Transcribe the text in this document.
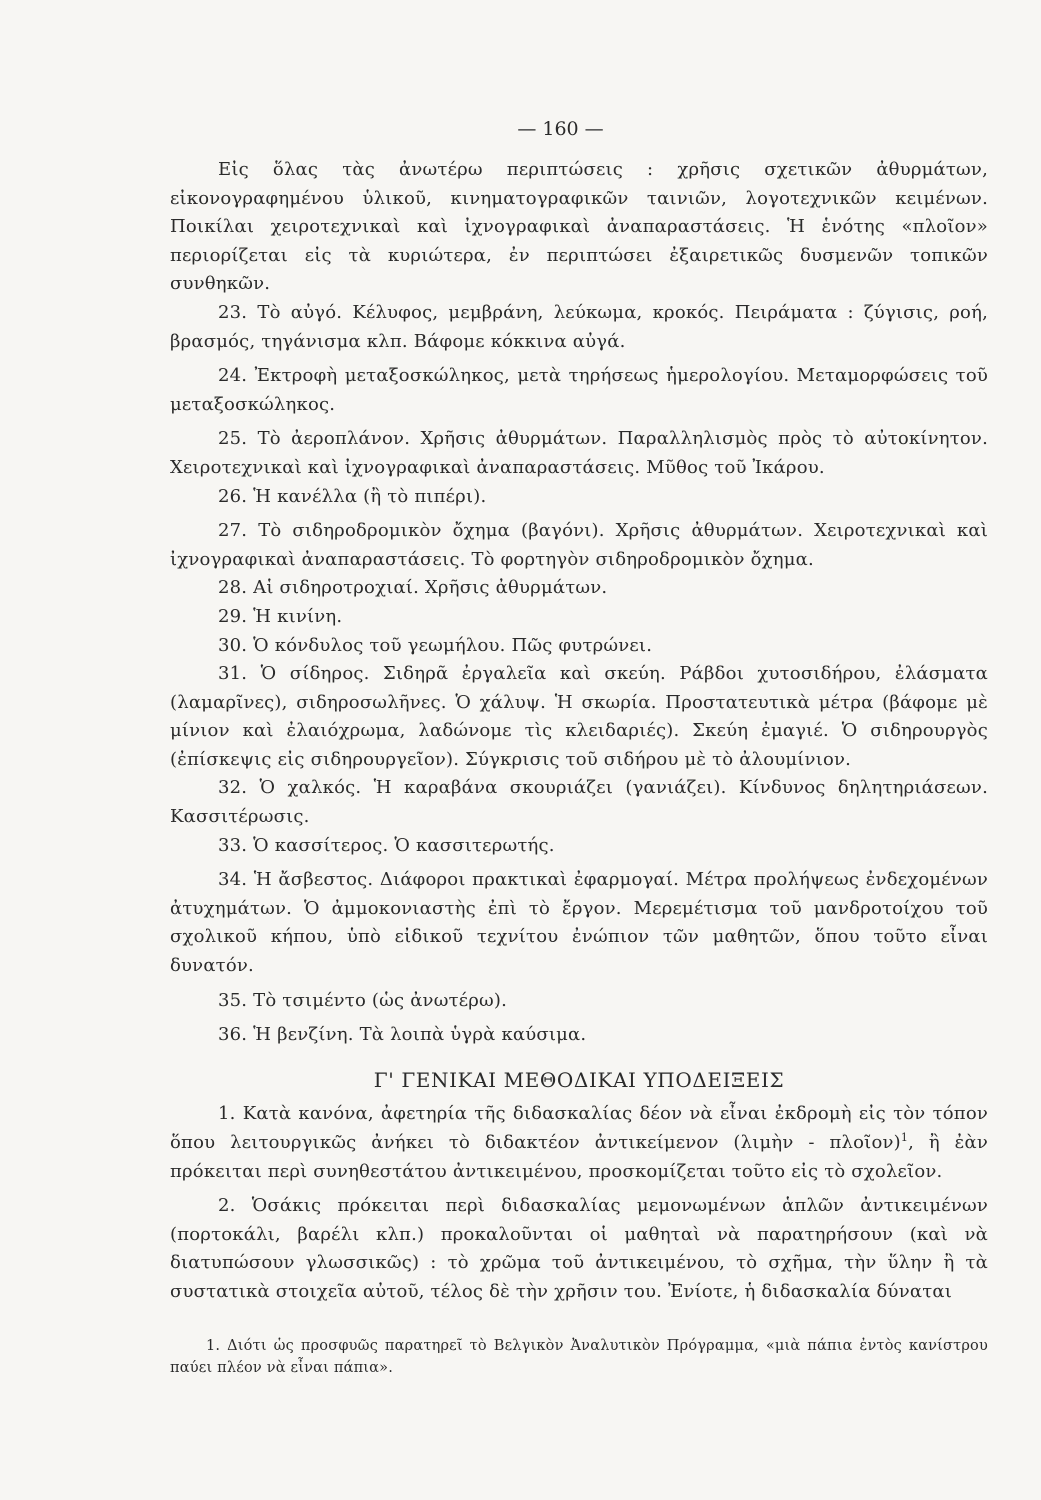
— 160 —

Εἰς ὅλας τὰς ἀνωτέρω περιπτώσεις : χρῆσις σχετικῶν ἀθυρμάτων, εἰκονογραφημένου ὑλικοῦ, κινηματογραφικῶν ταινιῶν, λογοτεχνικῶν κειμένων. Ποικίλαι χειροτεχνικαὶ καὶ ἰχνογραφικαὶ ἀναπαραστάσεις. Ἡ ἑνότης «πλοῖον» περιορίζεται εἰς τὰ κυριώτερα, ἐν περιπτώσει ἐξαιρετικῶς δυσμενῶν τοπικῶν συνθηκῶν.

23. Τὸ αὐγό. Κέλυφος, μεμβράνη, λεύκωμα, κροκός. Πειράματα : ζύγισις, ροή, βρασμός, τηγάνισμα κλπ. Βάφομε κόκκινα αὐγά.

24. Ἐκτροφὴ μεταξοσκώληκος, μετὰ τηρήσεως ἡμερολογίου. Μεταμορφώσεις τοῦ μεταξοσκώληκος.

25. Τὸ ἀεροπλάνον. Χρῆσις ἀθυρμάτων. Παραλληλισμὸς πρὸς τὸ αὐτοκίνητον. Χειροτεχνικαὶ καὶ ἰχνογραφικαὶ ἀναπαραστάσεις. Μῦθος τοῦ Ἰκάρου.

26. Ἡ κανέλλα (ἢ τὸ πιπέρι).

27. Τὸ σιδηροδρομικὸν ὄχημα (βαγόνι). Χρῆσις ἀθυρμάτων. Χειροτεχνικαὶ καὶ ἰχνογραφικαὶ ἀναπαραστάσεις. Τὸ φορτηγὸν σιδηροδρομικὸν ὄχημα.

28. Αἱ σιδηροτροχιαί. Χρῆσις ἀθυρμάτων.

29. Ἡ κινίνη.

30. Ὁ κόνδυλος τοῦ γεωμήλου. Πῶς φυτρώνει.

31. Ὁ σίδηρος. Σιδηρᾶ ἐργαλεῖα καὶ σκεύη. Ράβδοι χυτοσιδήρου, ἐλάσματα (λαμαρῖνες), σιδηροσωλῆνες. Ὁ χάλυψ. Ἡ σκωρία. Προστατευτικὰ μέτρα (βάφομε μὲ μίνιον καὶ ἐλαιόχρωμα, λαδώνομε τὶς κλειδαριές). Σκεύη ἐμαγιέ. Ὁ σιδηρουργὸς (ἐπίσκεψις εἰς σιδηρουργεῖον). Σύγκρισις τοῦ σιδήρου μὲ τὸ ἀλουμίνιον.

32. Ὁ χαλκός. Ἡ καραβάνα σκουριάζει (γανιάζει). Κίνδυνος δηλητηριάσεων. Κασσιτέρωσις.

33. Ὁ κασσίτερος. Ὁ κασσιτερωτής.

34. Ἡ ἄσβεστος. Διάφοροι πρακτικαὶ ἐφαρμογαί. Μέτρα προλήψεως ἐνδεχομένων ἀτυχημάτων. Ὁ ἀμμοκονιαστὴς ἐπὶ τὸ ἔργον. Μερεμέτισμα τοῦ μανδροτοίχου τοῦ σχολικοῦ κήπου, ὑπὸ εἰδικοῦ τεχνίτου ἐνώπιον τῶν μαθητῶν, ὅπου τοῦτο εἶναι δυνατόν.

35. Τὸ τσιμέντο (ὡς ἀνωτέρω).

36. Ἡ βενζίνη. Τὰ λοιπὰ ὑγρὰ καύσιμα.

Γ' ΓΕΝΙΚΑΙ ΜΕΘΟΔΙΚΑΙ ΥΠΟΔΕΙΞΕΙΣ

1. Κατὰ κανόνα, ἀφετηρία τῆς διδασκαλίας δέον νὰ εἶναι ἐκδρομὴ εἰς τὸν τόπον ὅπου λειτουργικῶς ἀνήκει τὸ διδακτέον ἀντικείμενον (λιμὴν - πλοῖον)$^1$, ἢ ἐὰν πρόκειται περὶ συνηθεστάτου ἀντικειμένου, προσκομίζεται τοῦτο εἰς τὸ σχολεῖον.

2. Ὁσάκις πρόκειται περὶ διδασκαλίας μεμονωμένων ἁπλῶν ἀντικειμένων (πορτοκάλι, βαρέλι κλπ.) προκαλοῦνται οἱ μαθηταὶ νὰ παρατηρήσουν (καὶ νὰ διατυπώσουν γλωσσικῶς) : τὸ χρῶμα τοῦ ἀντικειμένου, τὸ σχῆμα, τὴν ὕλην ἢ τὰ συστατικὰ στοιχεῖα αὐτοῦ, τέλος δὲ τὴν χρῆσιν του. Ἐνίοτε, ἡ διδασκαλία δύναται

1. Διότι ὡς προσφυῶς παρατηρεῖ τὸ Βελγικὸν Ἀναλυτικὸν Πρόγραμμα, «μιὰ πάπια ἐντὸς κανίστρου παύει πλέον νὰ εἶναι πάπια».
